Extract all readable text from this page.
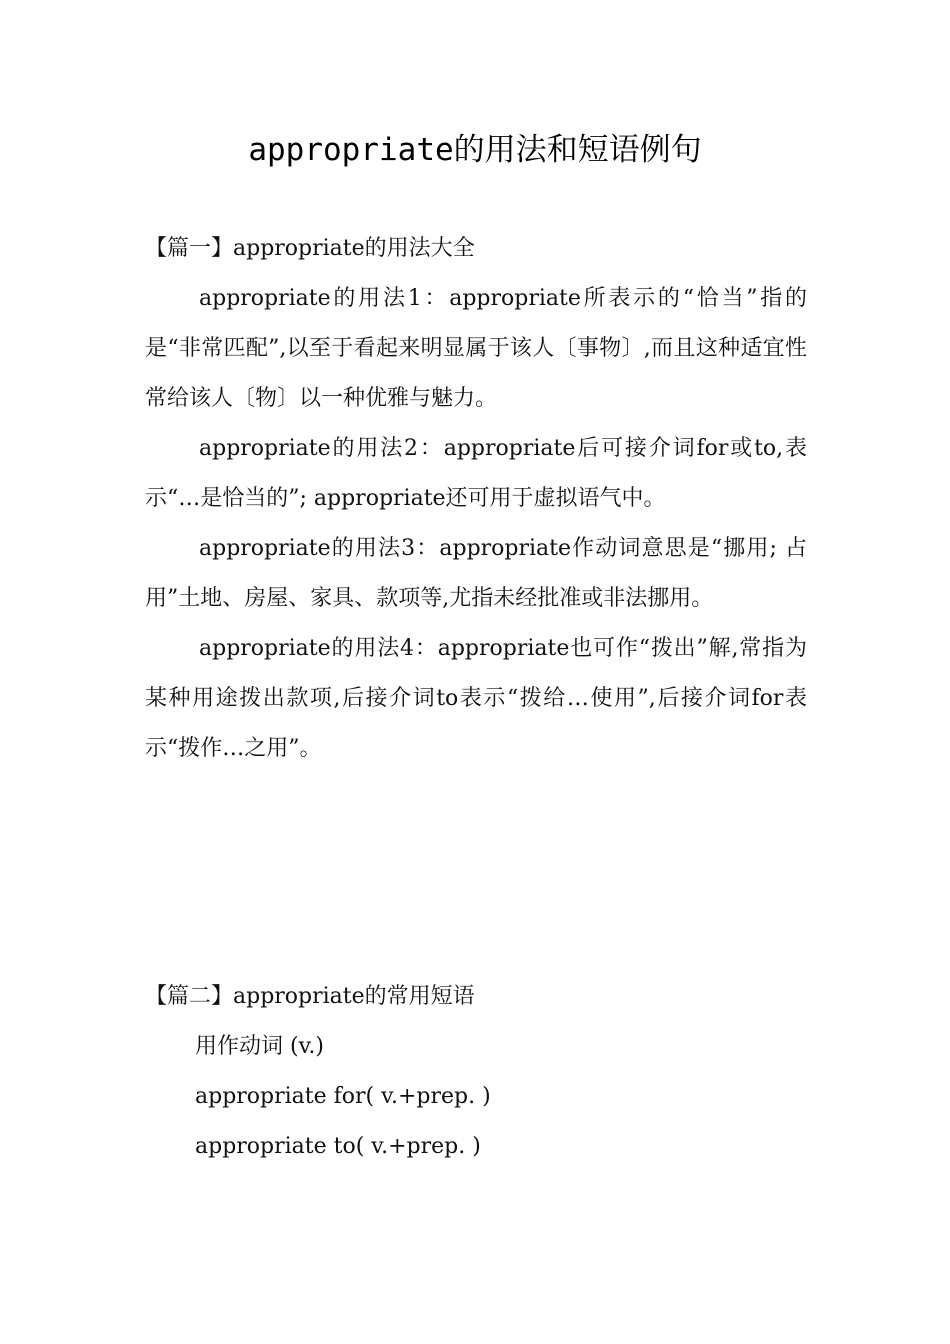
appropriate的用法和短语例句

【篇一】appropriate的用法大全

appropriate的用法1：appropriate所表示的“恰当”指的是“非常匹配”,以至于看起来明显属于该人〔事物〕,而且这种适宜性常给该人〔物〕以一种优雅与魅力。

appropriate的用法2：appropriate后可接介词for或to,表示“…是恰当的”; appropriate还可用于虚拟语气中。

appropriate的用法3：appropriate作动词意思是“挪用; 占用”土地、房屋、家具、款项等,尤指未经批准或非法挪用。

appropriate的用法4：appropriate也可作“拨出”解,常指为某种用途拨出款项,后接介词to表示“拨给…使用”,后接介词for表示“拨作…之用”。

【篇二】appropriate的常用短语

用作动词 (v.)

appropriate for( v.+prep. )

appropriate to( v.+prep. )
